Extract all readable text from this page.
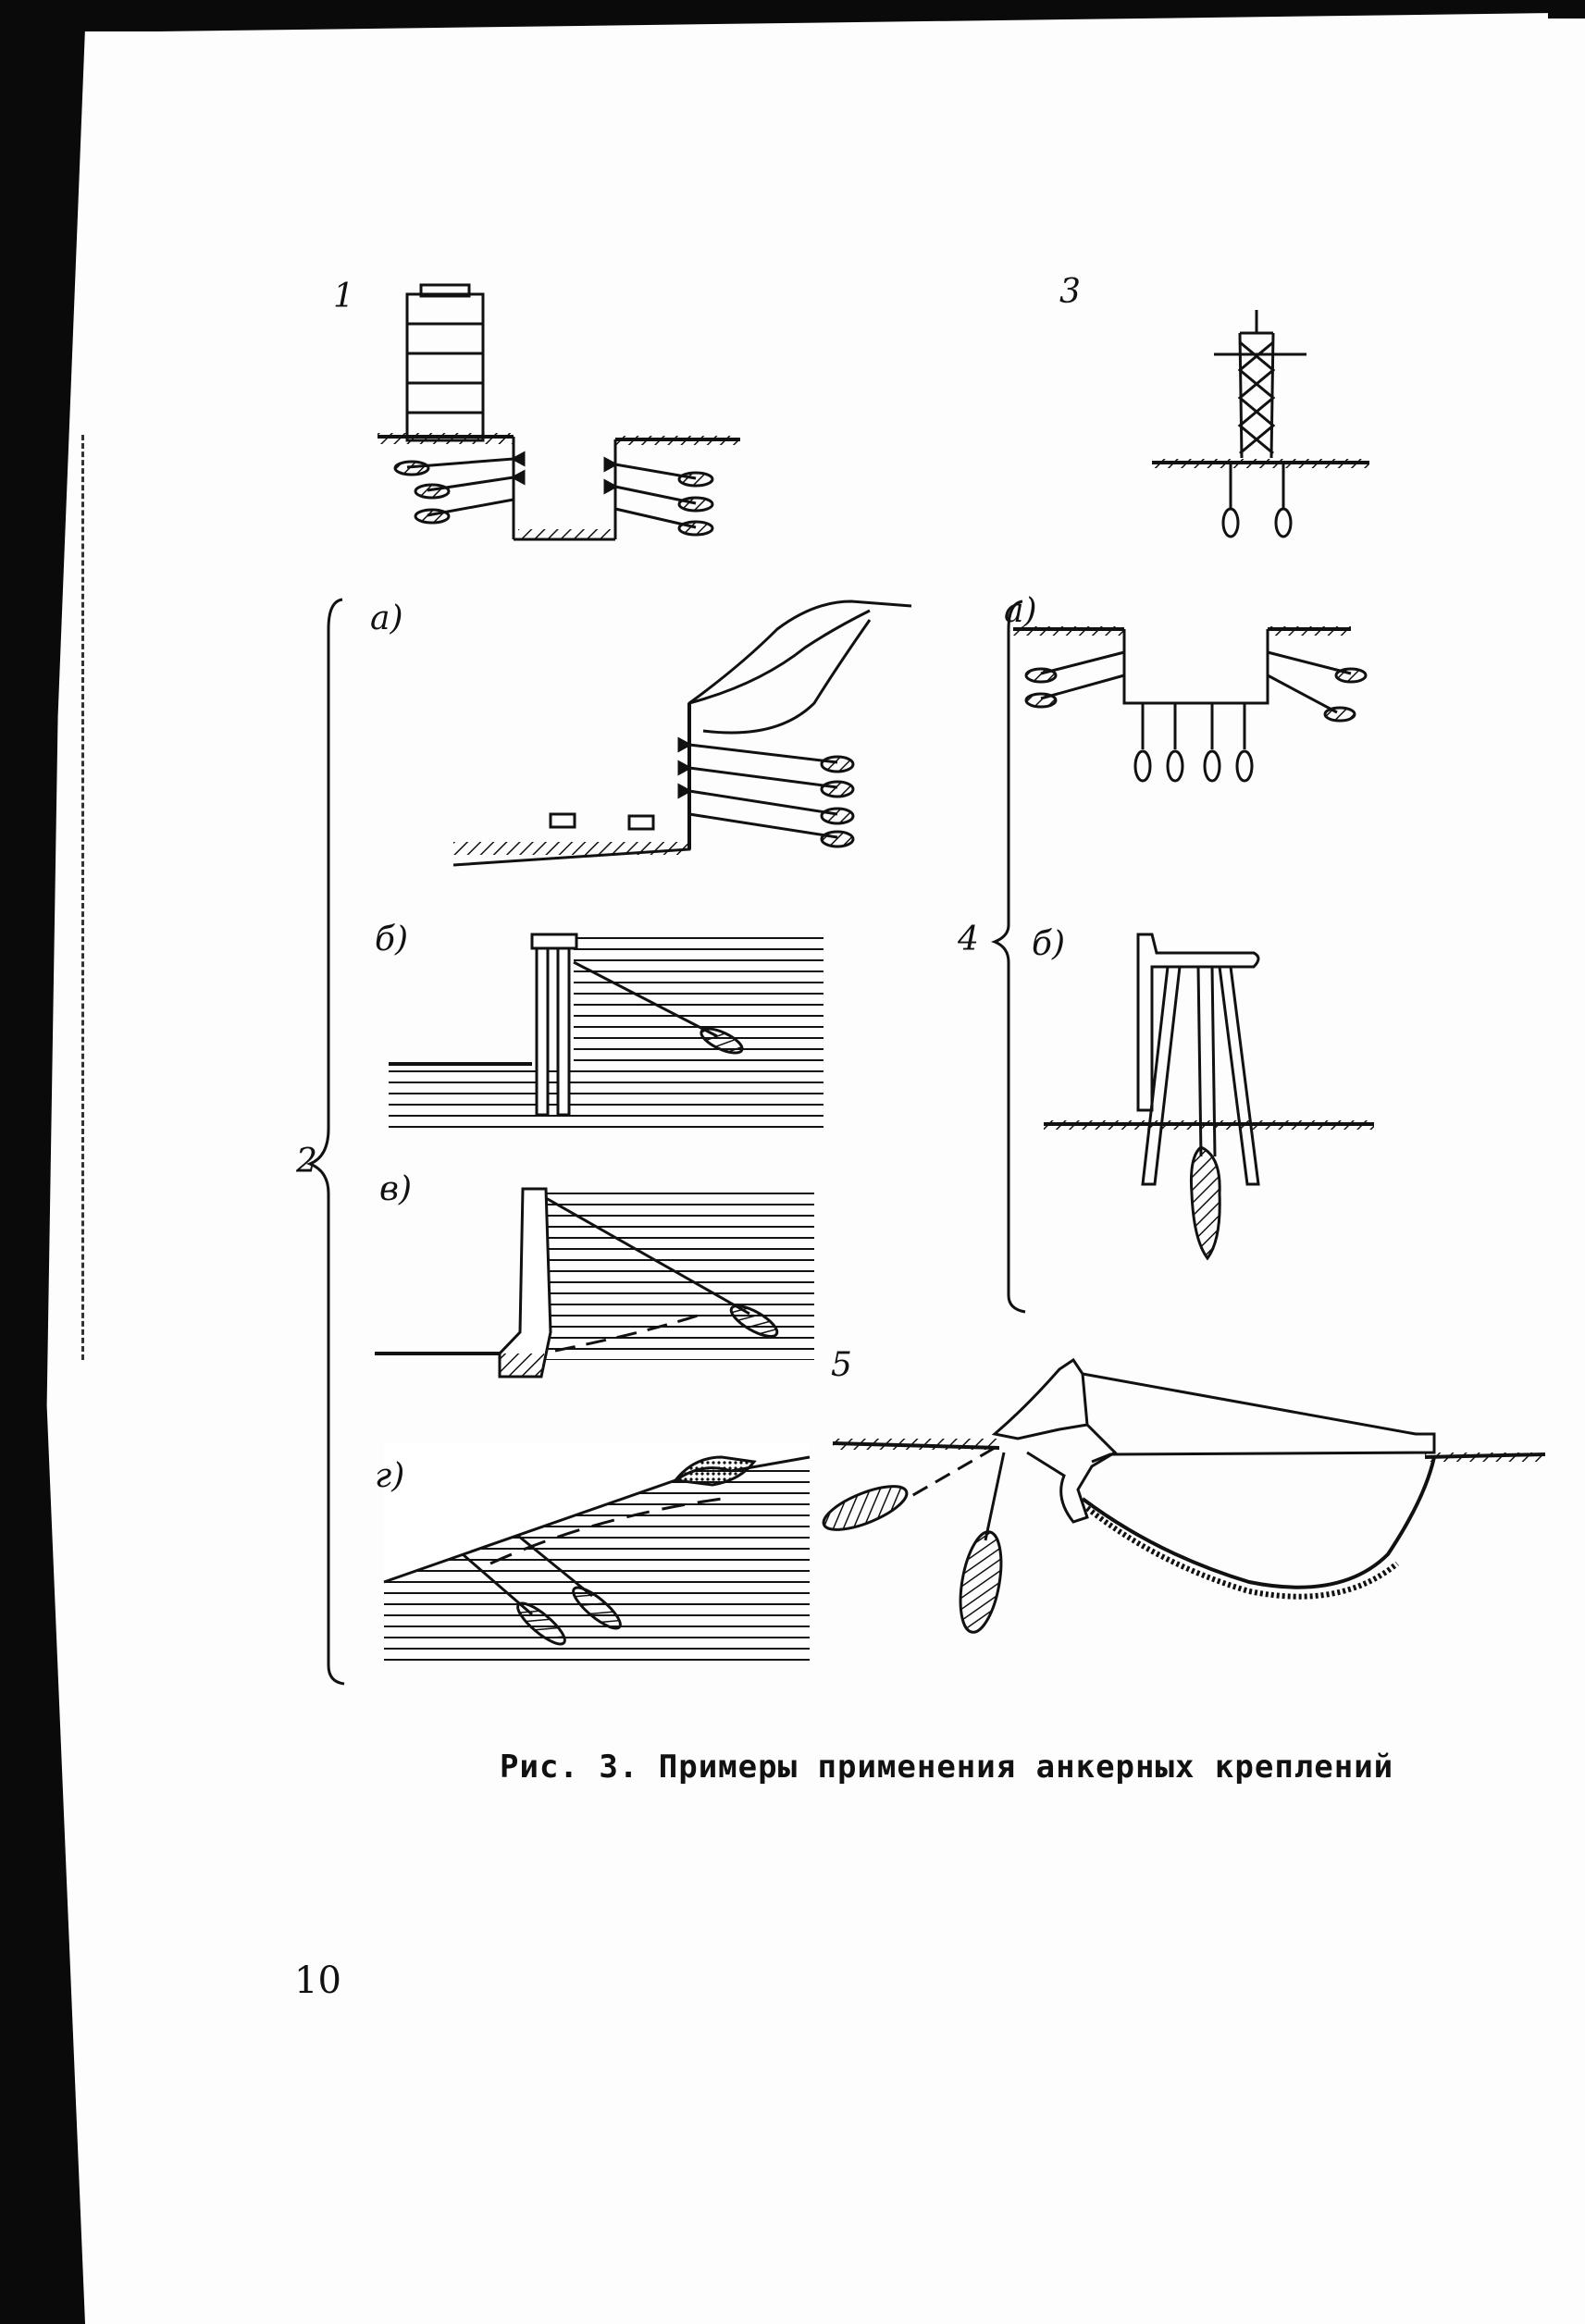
1	3
а)
б)
2
в)
г)
а)
4 б)
5
Рис. 3. Примеры применения анкерных креплений
10
